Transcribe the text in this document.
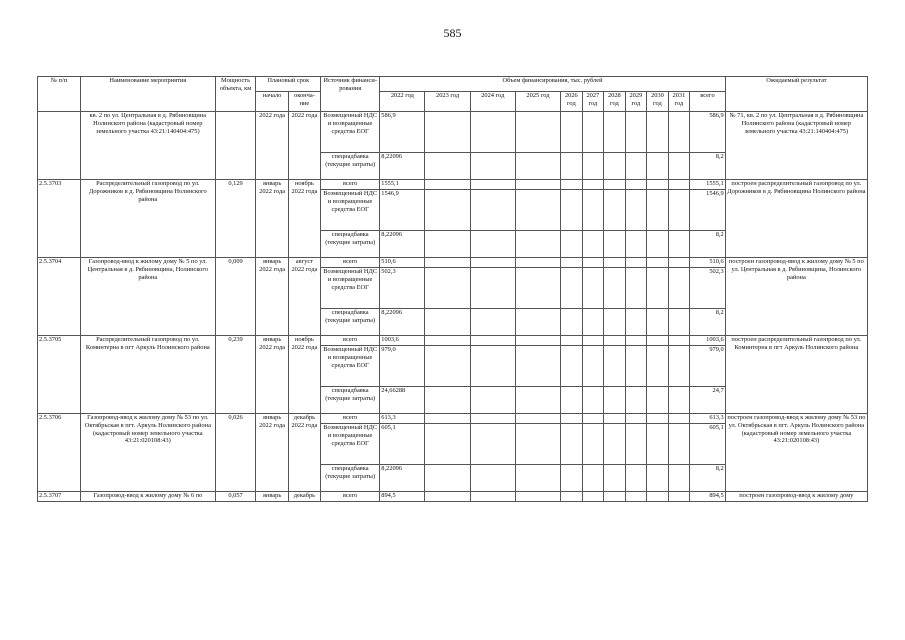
585
№ п/п	Наименование мероприятия	Мощность объекта, км	Плановый срок		Источник финанси- рования	Объем финансирования, тыс. рублей											Ожидаемый результат
			начало	оконча- ние		2022 год	2023 год	2024 год	2025 год	2026 год	2027 год	2028 год	2029 год	2030 год	2031 год	всего	
	кв. 2 по ул. Центральная в д. Рябиновщина Нолинского района (кадастровый номер земельного участка 43:21:140404:475)		2022 года	2022 года	Возмещенный НДС и возвращенные средства ЕОГ	586,9										586,9	№ 71, кв. 2 по ул. Центральная в д. Рябиновщина Нолинского района (кадастровый номер земельного участка 43:21:140404:475)
					спецнадбавка (текущие затраты)	8,22096										8,2	
2.5.3703	Распределительный газопровод по ул. Дорожников в д. Рябиновщина Нолинского района	0,129	январь 2022 года	ноябрь 2022 года	всего	1555,1										1555,1	построен распределительный газопровод по ул. Дорожников в д. Рябиновщина Нолинского района
					Возмещенный НДС и возвращенные средства ЕОГ	1546,9										1546,9	
					спецнадбавка (текущие затраты)	8,22096										8,2	
2.5.3704	Газопровод-ввод к жилому дому № 5 по ул. Центральная в д. Рябиновщина, Нолинского района	0,009	январь 2022 года	август 2022 года	всего	510,6										510,6	построен газопровод-ввод к жилому дому № 5 по ул. Центральная в д. Рябиновщина, Нолинского района
					Возмещенный НДС и возвращенные средства ЕОГ	502,3										502,3	
					спецнадбавка (текущие затраты)	8,22096										8,2	
2.5.3705	Распределительный газопровод по ул. Коминтерна в пгт Аркуль Нолинского района	0,239	январь 2022 года	ноябрь 2022 года	всего	1003,6										1003,6	построен распределительный газопровод по ул. Коминтерна в пгт Аркуль Нолинского района
					Возмещенный НДС и возвращенные средства ЕОГ	979,0										979,0	
					спецнадбавка (текущие затраты)	24,66288										24,7	
2.5.3706	Газопровод-ввод к жилому дому № 53 по ул. Октябрьская в пгт. Аркуль Нолинского района (кадастровый номер земельного участка 43:21:020108:43)	0,026	январь 2022 года	декабрь 2022 года	всего	613,3										613,3	построен газопровод-ввод к жилому дому № 53 по ул. Октябрьская в пгт. Аркуль Нолинского района (кадастровый номер земельного участка 43:21:020108:43)
					Возмещенный НДС и возвращенные средства ЕОГ	605,1										605,1	
					спецнадбавка (текущие затраты)	8,22096										8,2	
2.5.3707	Газопровод-ввод к жилому дому № 6 по	0,057	январь	декабрь	всего	894,5										894,5	построен газопровод-ввод к жилому дому
